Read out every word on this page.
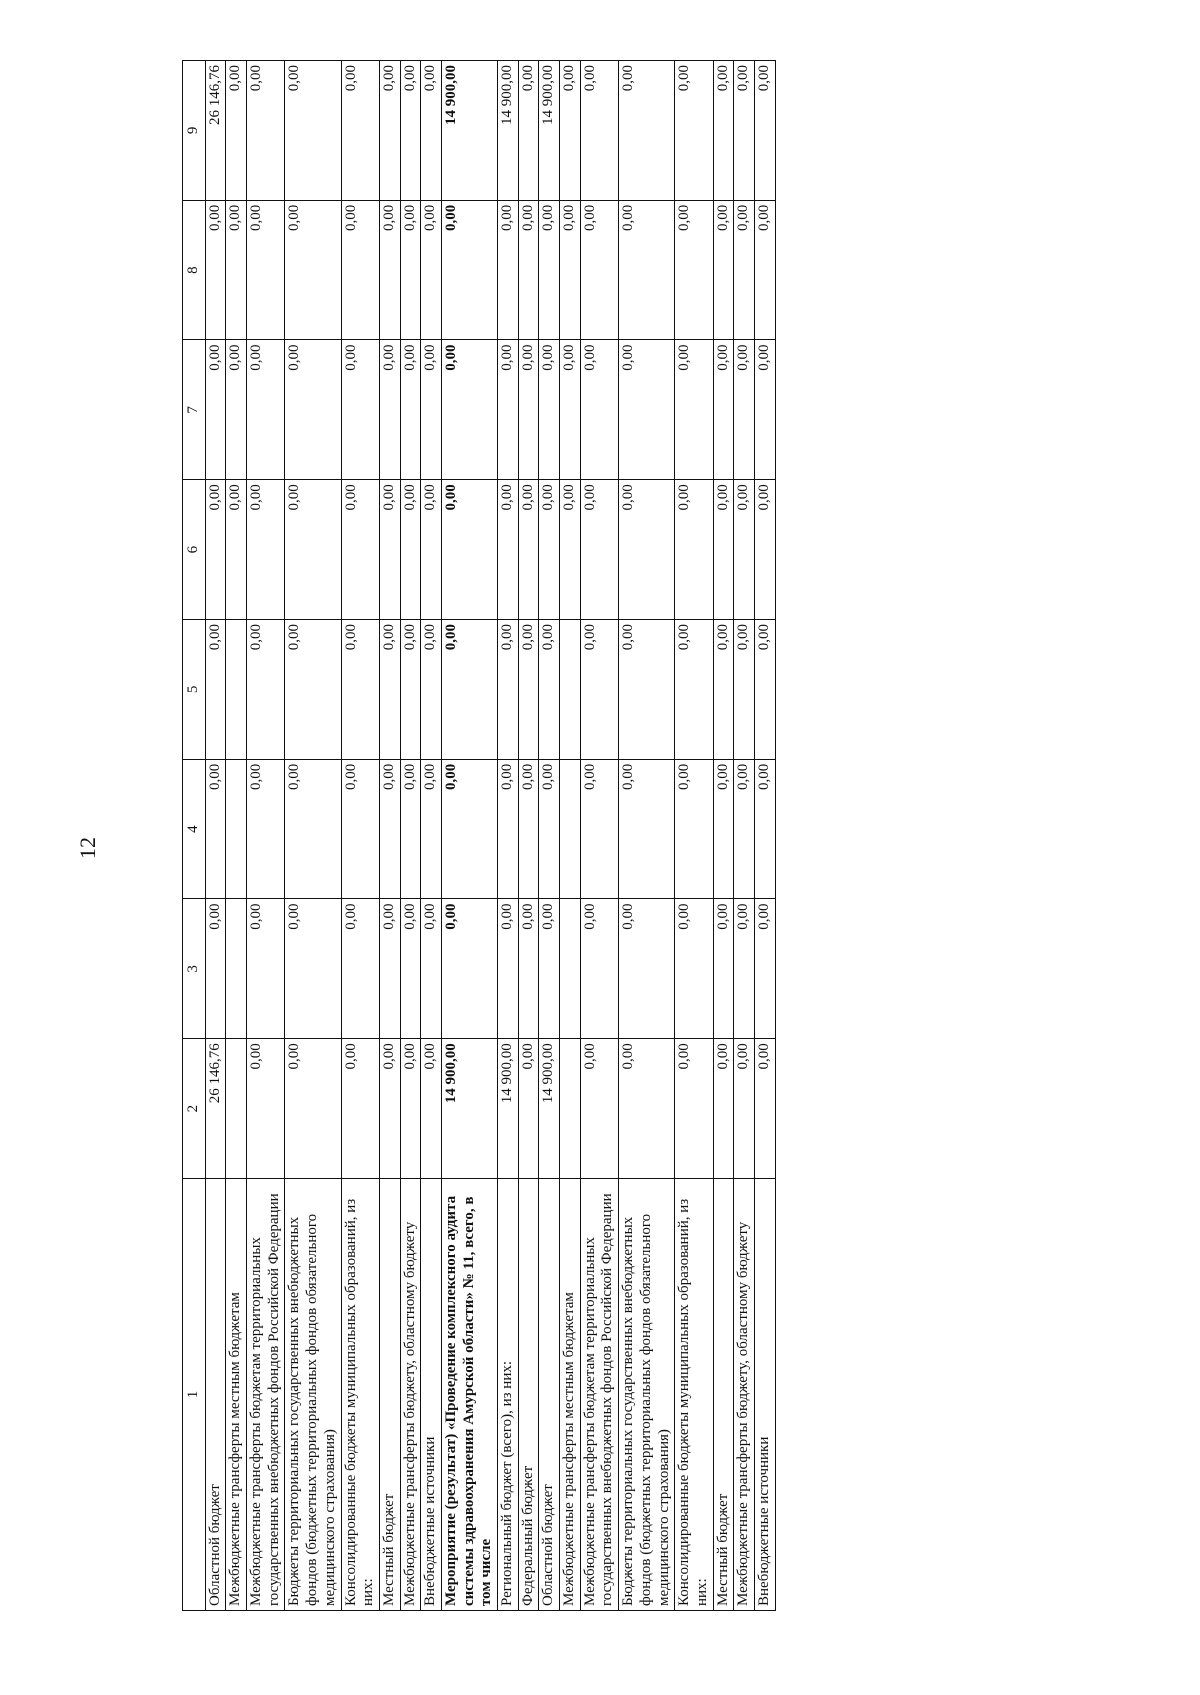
12
1	2	3	4	5	6	7	8	9
Областной бюджет	26 146,76	0,00	0,00	0,00	0,00	0,00	0,00	26 146,76
Межбюджетные трансферты местным бюджетам					0,00	0,00	0,00	0,00
Межбюджетные трансферты бюджетам территориальных государственных внебюджетных фондов Российской Федерации	0,00	0,00	0,00	0,00	0,00	0,00	0,00	0,00
Бюджеты территориальных государственных внебюджетных фондов (бюджетных территориальных фондов обязательного медицинского страхования)	0,00	0,00	0,00	0,00	0,00	0,00	0,00	0,00
Консолидированные бюджеты муниципальных образований, из них:	0,00	0,00	0,00	0,00	0,00	0,00	0,00	0,00
Местный бюджет	0,00	0,00	0,00	0,00	0,00	0,00	0,00	0,00
Межбюджетные трансферты бюджету, областному бюджету	0,00	0,00	0,00	0,00	0,00	0,00	0,00	0,00
Внебюджетные источники	0,00	0,00	0,00	0,00	0,00	0,00	0,00	0,00
Мероприятие (результат) «Проведение комплексного аудита системы здравоохранения Амурской области» № 11, всего, в том числе	14 900,00	0,00	0,00	0,00	0,00	0,00	0,00	14 900,00
Региональный бюджет (всего), из них:	14 900,00	0,00	0,00	0,00	0,00	0,00	0,00	14 900,00
Федеральный бюджет	0,00	0,00	0,00	0,00	0,00	0,00	0,00	0,00
Областной бюджет	14 900,00	0,00	0,00	0,00	0,00	0,00	0,00	14 900,00
Межбюджетные трансферты местным бюджетам					0,00	0,00	0,00	0,00
Межбюджетные трансферты бюджетам территориальных государственных внебюджетных фондов Российской Федерации	0,00	0,00	0,00	0,00	0,00	0,00	0,00	0,00
Бюджеты территориальных государственных внебюджетных фондов (бюджетных территориальных фондов обязательного медицинского страхования)	0,00	0,00	0,00	0,00	0,00	0,00	0,00	0,00
Консолидированные бюджеты муниципальных образований, из них:	0,00	0,00	0,00	0,00	0,00	0,00	0,00	0,00
Местный бюджет	0,00	0,00	0,00	0,00	0,00	0,00	0,00	0,00
Межбюджетные трансферты бюджету, областному бюджету	0,00	0,00	0,00	0,00	0,00	0,00	0,00	0,00
Внебюджетные источники	0,00	0,00	0,00	0,00	0,00	0,00	0,00	0,00
